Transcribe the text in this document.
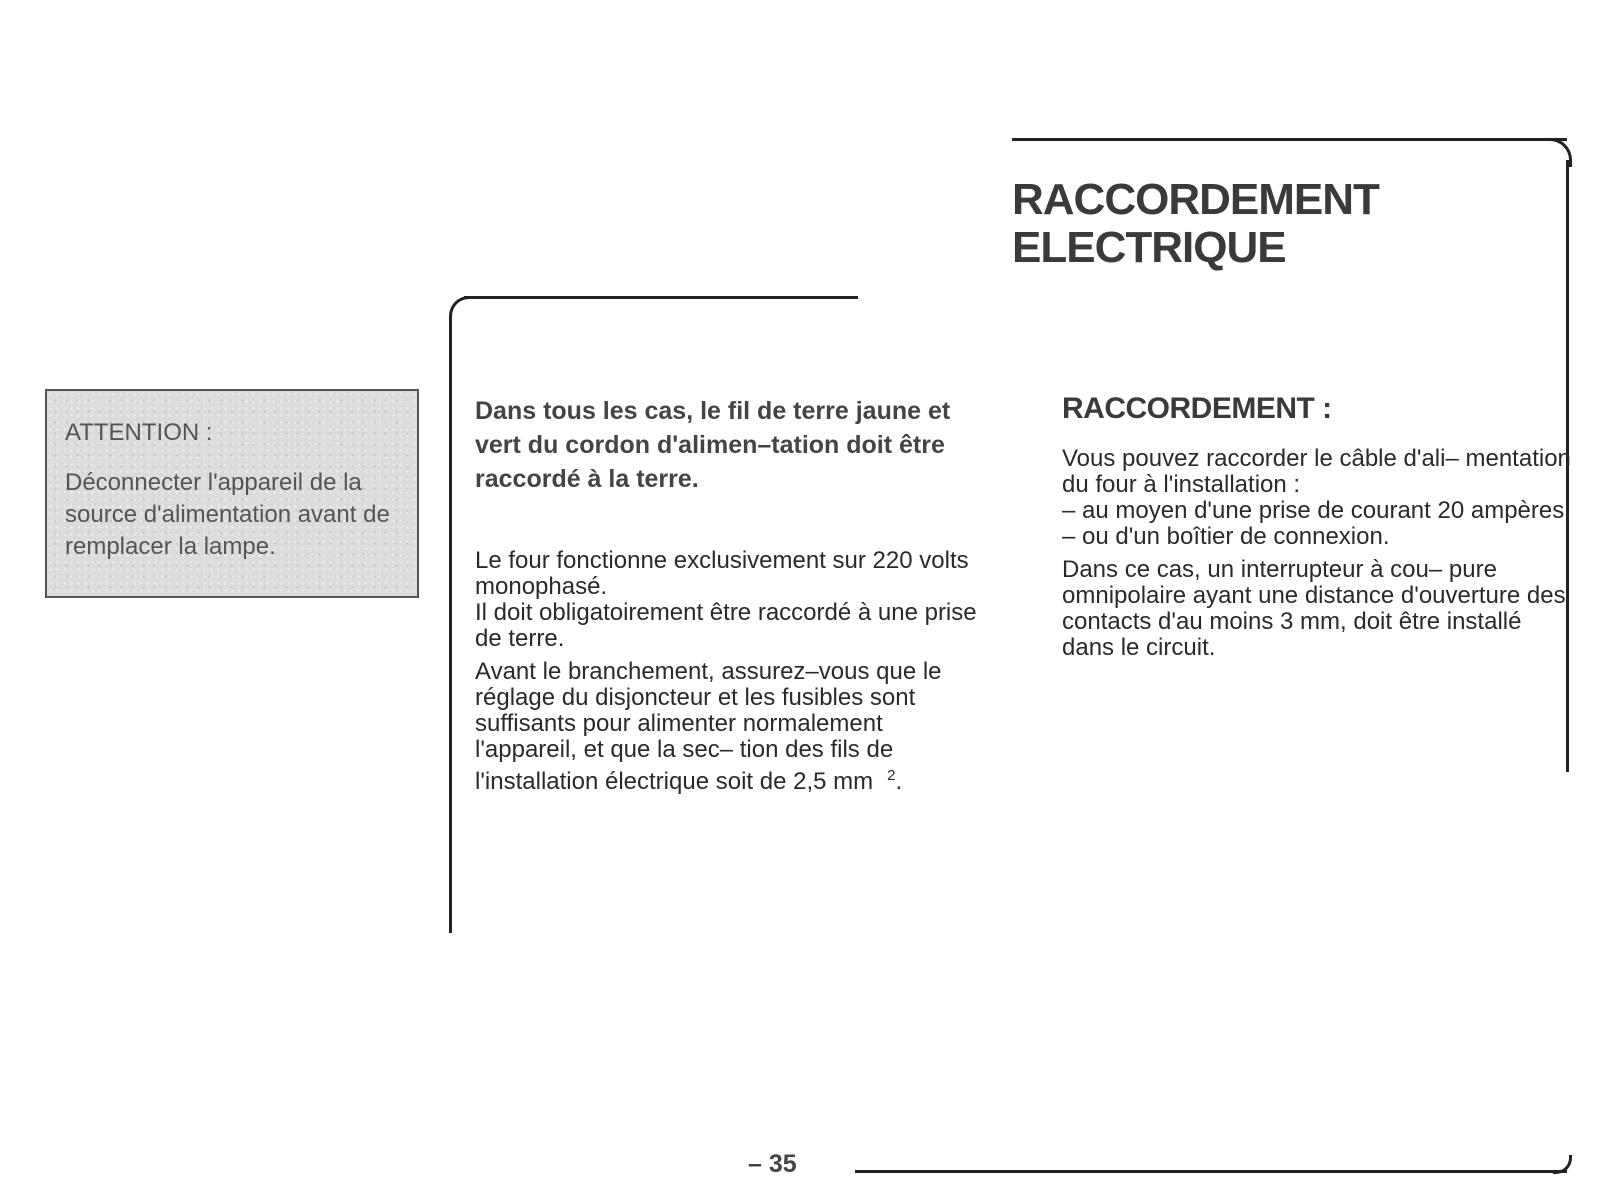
RACCORDEMENT
ELECTRIQUE

ATTENTION :

Déconnecter l'appareil de la source d'alimentation avant de remplacer la lampe.

Dans tous les cas, le fil de terre jaune et vert du cordon d'alimen–tation doit être raccordé à la terre.

Le four fonctionne exclusivement sur 220 volts monophasé.
Il doit obligatoirement être raccordé à une prise de terre.

Avant le branchement, assurez–vous que le réglage du disjoncteur et les fusibles sont suffisants pour alimenter normalement l'appareil, et que la sec– tion des fils de l'installation électrique soit de 2,5 mm $^2$.

RACCORDEMENT :

Vous pouvez raccorder le câble d'ali– mentation du four à l'installation :
– au moyen d'une prise de courant 20 ampères,
– ou d'un boîtier de connexion.

Dans ce cas, un interrupteur à cou– pure omnipolaire ayant une distance d'ouverture des contacts d'au moins 3 mm, doit être installé dans le circuit.

– 35
